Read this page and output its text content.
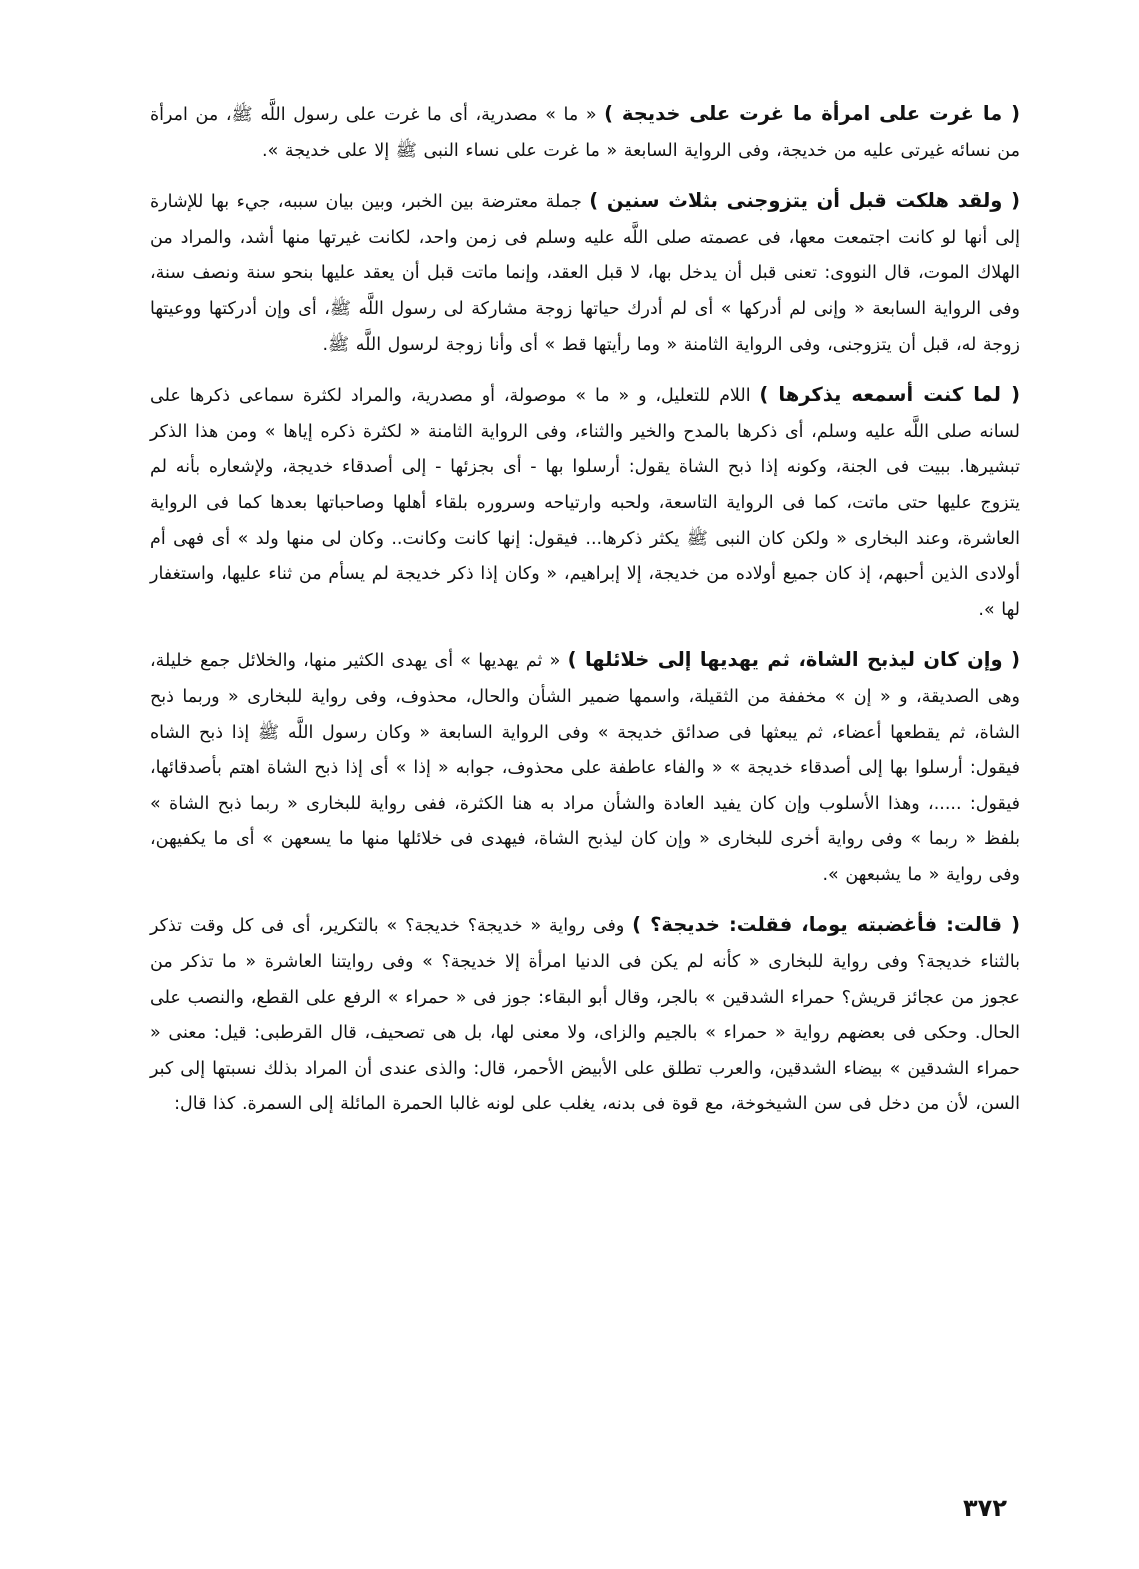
( ما غرت على امرأة ما غرت على خديجة ) « ما » مصدرية، أى ما غرت على رسول اللَّه ﷺ، من امرأة من نسائه غيرتى عليه من خديجة، وفى الرواية السابعة « ما غرت على نساء النبى ﷺ إلا على خديجة ».

( ولقد هلكت قبل أن يتزوجنى بثلاث سنين ) جملة معترضة بين الخبر، وبين بيان سببه، جيء بها للإشارة إلى أنها لو كانت اجتمعت معها، فى عصمته صلى اللَّه عليه وسلم فى زمن واحد، لكانت غيرتها منها أشد، والمراد من الهلاك الموت، قال النووى: تعنى قبل أن يدخل بها، لا قبل العقد، وإنما ماتت قبل أن يعقد عليها بنحو سنة ونصف سنة، وفى الرواية السابعة « وإنى لم أدركها » أى لم أدرك حياتها زوجة مشاركة لى رسول اللَّه ﷺ، أى وإن أدركتها ووعيتها زوجة له، قبل أن يتزوجنى، وفى الرواية الثامنة « وما رأيتها قط » أى وأنا زوجة لرسول اللَّه ﷺ.

( لما كنت أسمعه يذكرها ) اللام للتعليل، و « ما » موصولة، أو مصدرية، والمراد لكثرة سماعى ذكرها على لسانه صلى اللَّه عليه وسلم، أى ذكرها بالمدح والخير والثناء، وفى الرواية الثامنة « لكثرة ذكره إياها » ومن هذا الذكر تبشيرها. ببيت فى الجنة، وكونه إذا ذبح الشاة يقول: أرسلوا بها - أى بجزئها - إلى أصدقاء خديجة، ولإشعاره بأنه لم يتزوج عليها حتى ماتت، كما فى الرواية التاسعة، ولحبه وارتياحه وسروره بلقاء أهلها وصاحباتها بعدها كما فى الرواية العاشرة، وعند البخارى « ولكن كان النبى ﷺ يكثر ذكرها... فيقول: إنها كانت وكانت.. وكان لى منها ولد » أى فهى أم أولادى الذين أحبهم، إذ كان جميع أولاده من خديجة، إلا إبراهيم، « وكان إذا ذكر خديجة لم يسأم من ثناء عليها، واستغفار لها ».

( وإن كان ليذبح الشاة، ثم يهديها إلى خلائلها ) « ثم يهديها » أى يهدى الكثير منها، والخلائل جمع خليلة، وهى الصديقة، و « إن » مخففة من الثقيلة، واسمها ضمير الشأن والحال، محذوف، وفى رواية للبخارى « وربما ذبح الشاة، ثم يقطعها أعضاء، ثم يبعثها فى صدائق خديجة » وفى الرواية السابعة « وكان رسول اللَّه ﷺ إذا ذبح الشاه فيقول: أرسلوا بها إلى أصدقاء خديجة » « والفاء عاطفة على محذوف، جوابه « إذا » أى إذا ذبح الشاة اهتم بأصدقائها، فيقول: .....، وهذا الأسلوب وإن كان يفيد العادة والشأن مراد به هنا الكثرة، ففى رواية للبخارى « ربما ذبح الشاة » بلفظ « ربما » وفى رواية أخرى للبخارى « وإن كان ليذبح الشاة، فيهدى فى خلائلها منها ما يسعهن » أى ما يكفيهن، وفى رواية « ما يشبعهن ».

( قالت: فأغضبته يوما، فقلت: خديجة؟ ) وفى رواية « خديجة؟ خديجة؟ » بالتكرير، أى فى كل وقت تذكر بالثناء خديجة؟ وفى رواية للبخارى « كأنه لم يكن فى الدنيا امرأة إلا خديجة؟ » وفى روايتنا العاشرة « ما تذكر من عجوز من عجائز قريش؟ حمراء الشدقين » بالجر، وقال أبو البقاء: جوز فى « حمراء » الرفع على القطع، والنصب على الحال. وحكى فى بعضهم رواية « حمراء » بالجيم والزاى، ولا معنى لها، بل هى تصحيف، قال القرطبى: قيل: معنى « حمراء الشدقين » بيضاء الشدقين، والعرب تطلق على الأبيض الأحمر، قال: والذى عندى أن المراد بذلك نسبتها إلى كبر السن، لأن من دخل فى سن الشيخوخة، مع قوة فى بدنه، يغلب على لونه غالبا الحمرة المائلة إلى السمرة. كذا قال:

٣٧٢
